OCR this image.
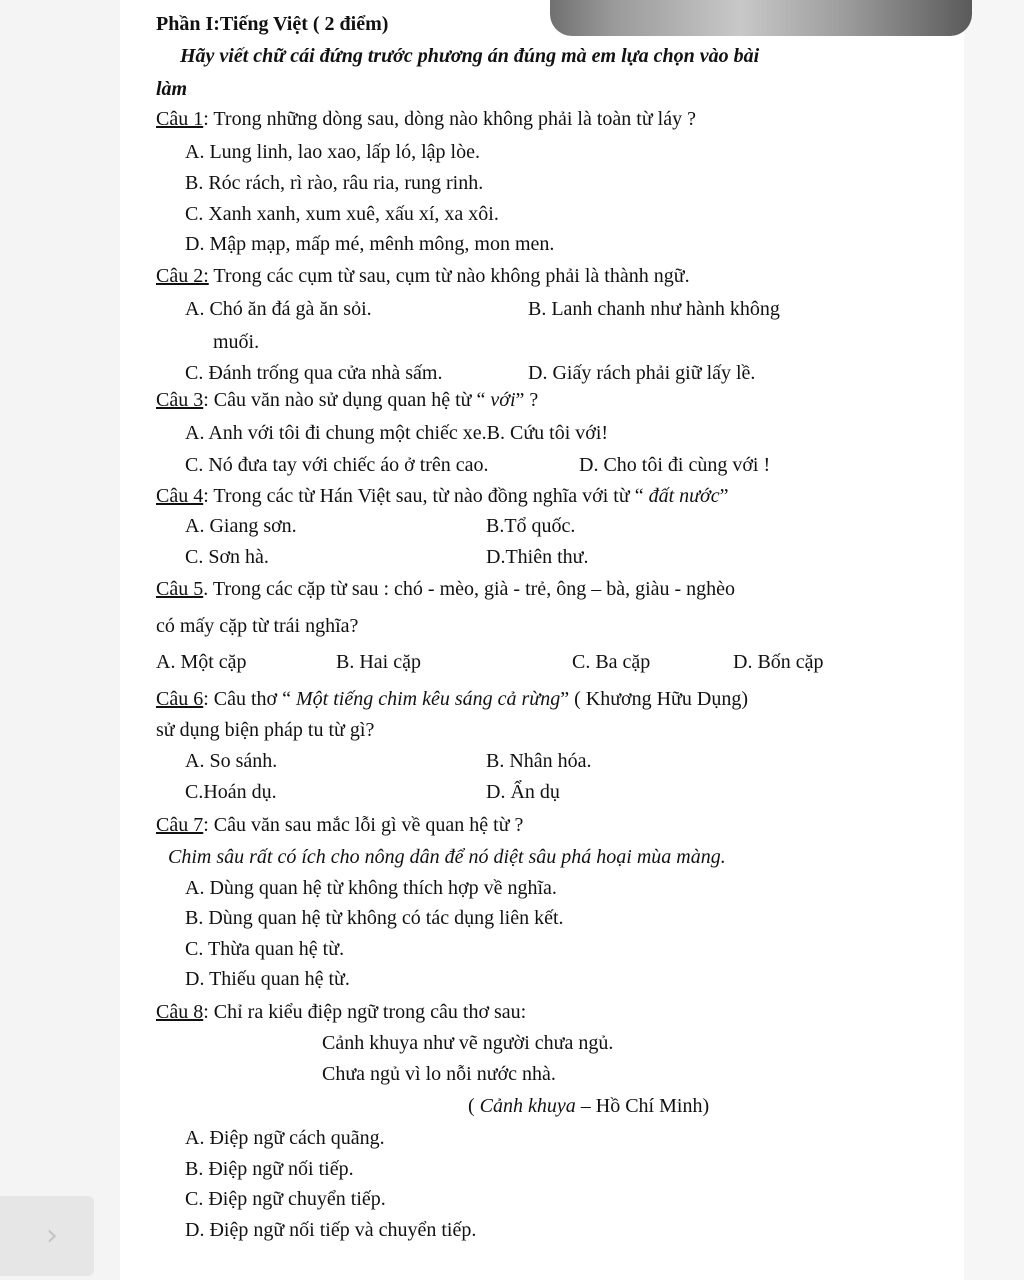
Phần I:Tiếng Việt ( 2 điểm)
Hãy viết chữ cái đứng trước phương án đúng mà em lựa chọn vào bài
làm
Câu 1: Trong những dòng sau, dòng nào không phải là toàn từ láy ?
A. Lung linh, lao xao, lấp ló, lập lòe.
B. Róc rách, rì rào, râu ria, rung rinh.
C. Xanh xanh, xum xuê, xấu xí, xa xôi.
D. Mập mạp, mấp mé, mênh mông, mon men.
Câu 2: Trong các cụm từ sau, cụm từ nào không phải là thành ngữ.
A. Chó ăn đá gà ăn sỏi.	B. Lanh chanh như hành không
muối.
C. Đánh trống qua cửa nhà sấm.	D. Giấy rách phải giữ lấy lề.
Câu 3: Câu văn nào sử dụng quan hệ từ “ với” ?
A. Anh với tôi đi chung một chiếc xe.B. Cứu tôi với!
C. Nó đưa tay với chiếc áo ở trên cao.	D. Cho tôi đi cùng với !
Câu 4: Trong các từ Hán Việt sau, từ nào đồng nghĩa với từ “ đất nước”
A. Giang sơn.	B.Tổ quốc.
C. Sơn hà.	D.Thiên thư.
Câu 5. Trong các cặp từ sau : chó - mèo, già - trẻ, ông – bà, giàu - nghèo
có mấy cặp từ trái nghĩa?
A. Một cặp	B. Hai cặp	C. Ba cặp	D. Bốn cặp
Câu 6: Câu thơ “ Một tiếng chim kêu sáng cả rừng” ( Khương Hữu Dụng)
sử dụng biện pháp tu từ gì?
A. So sánh.	B. Nhân hóa.
C.Hoán dụ.	D. Ẩn dụ
Câu 7: Câu văn sau mắc lỗi gì về quan hệ từ ?
Chim sâu rất có ích cho nông dân để nó diệt sâu phá hoại mùa màng.
A. Dùng quan hệ từ không thích hợp về nghĩa.
B. Dùng quan hệ từ không có tác dụng liên kết.
C. Thừa quan hệ từ.
D. Thiếu quan hệ từ.
Câu 8: Chỉ ra kiểu điệp ngữ trong câu thơ sau:
Cảnh khuya như vẽ người chưa ngủ.
Chưa ngủ vì lo nỗi nước nhà.
( Cảnh khuya – Hồ Chí Minh)
A. Điệp ngữ cách quãng.
B. Điệp ngữ nối tiếp.
C. Điệp ngữ chuyển tiếp.
D. Điệp ngữ nối tiếp và chuyển tiếp.
›
